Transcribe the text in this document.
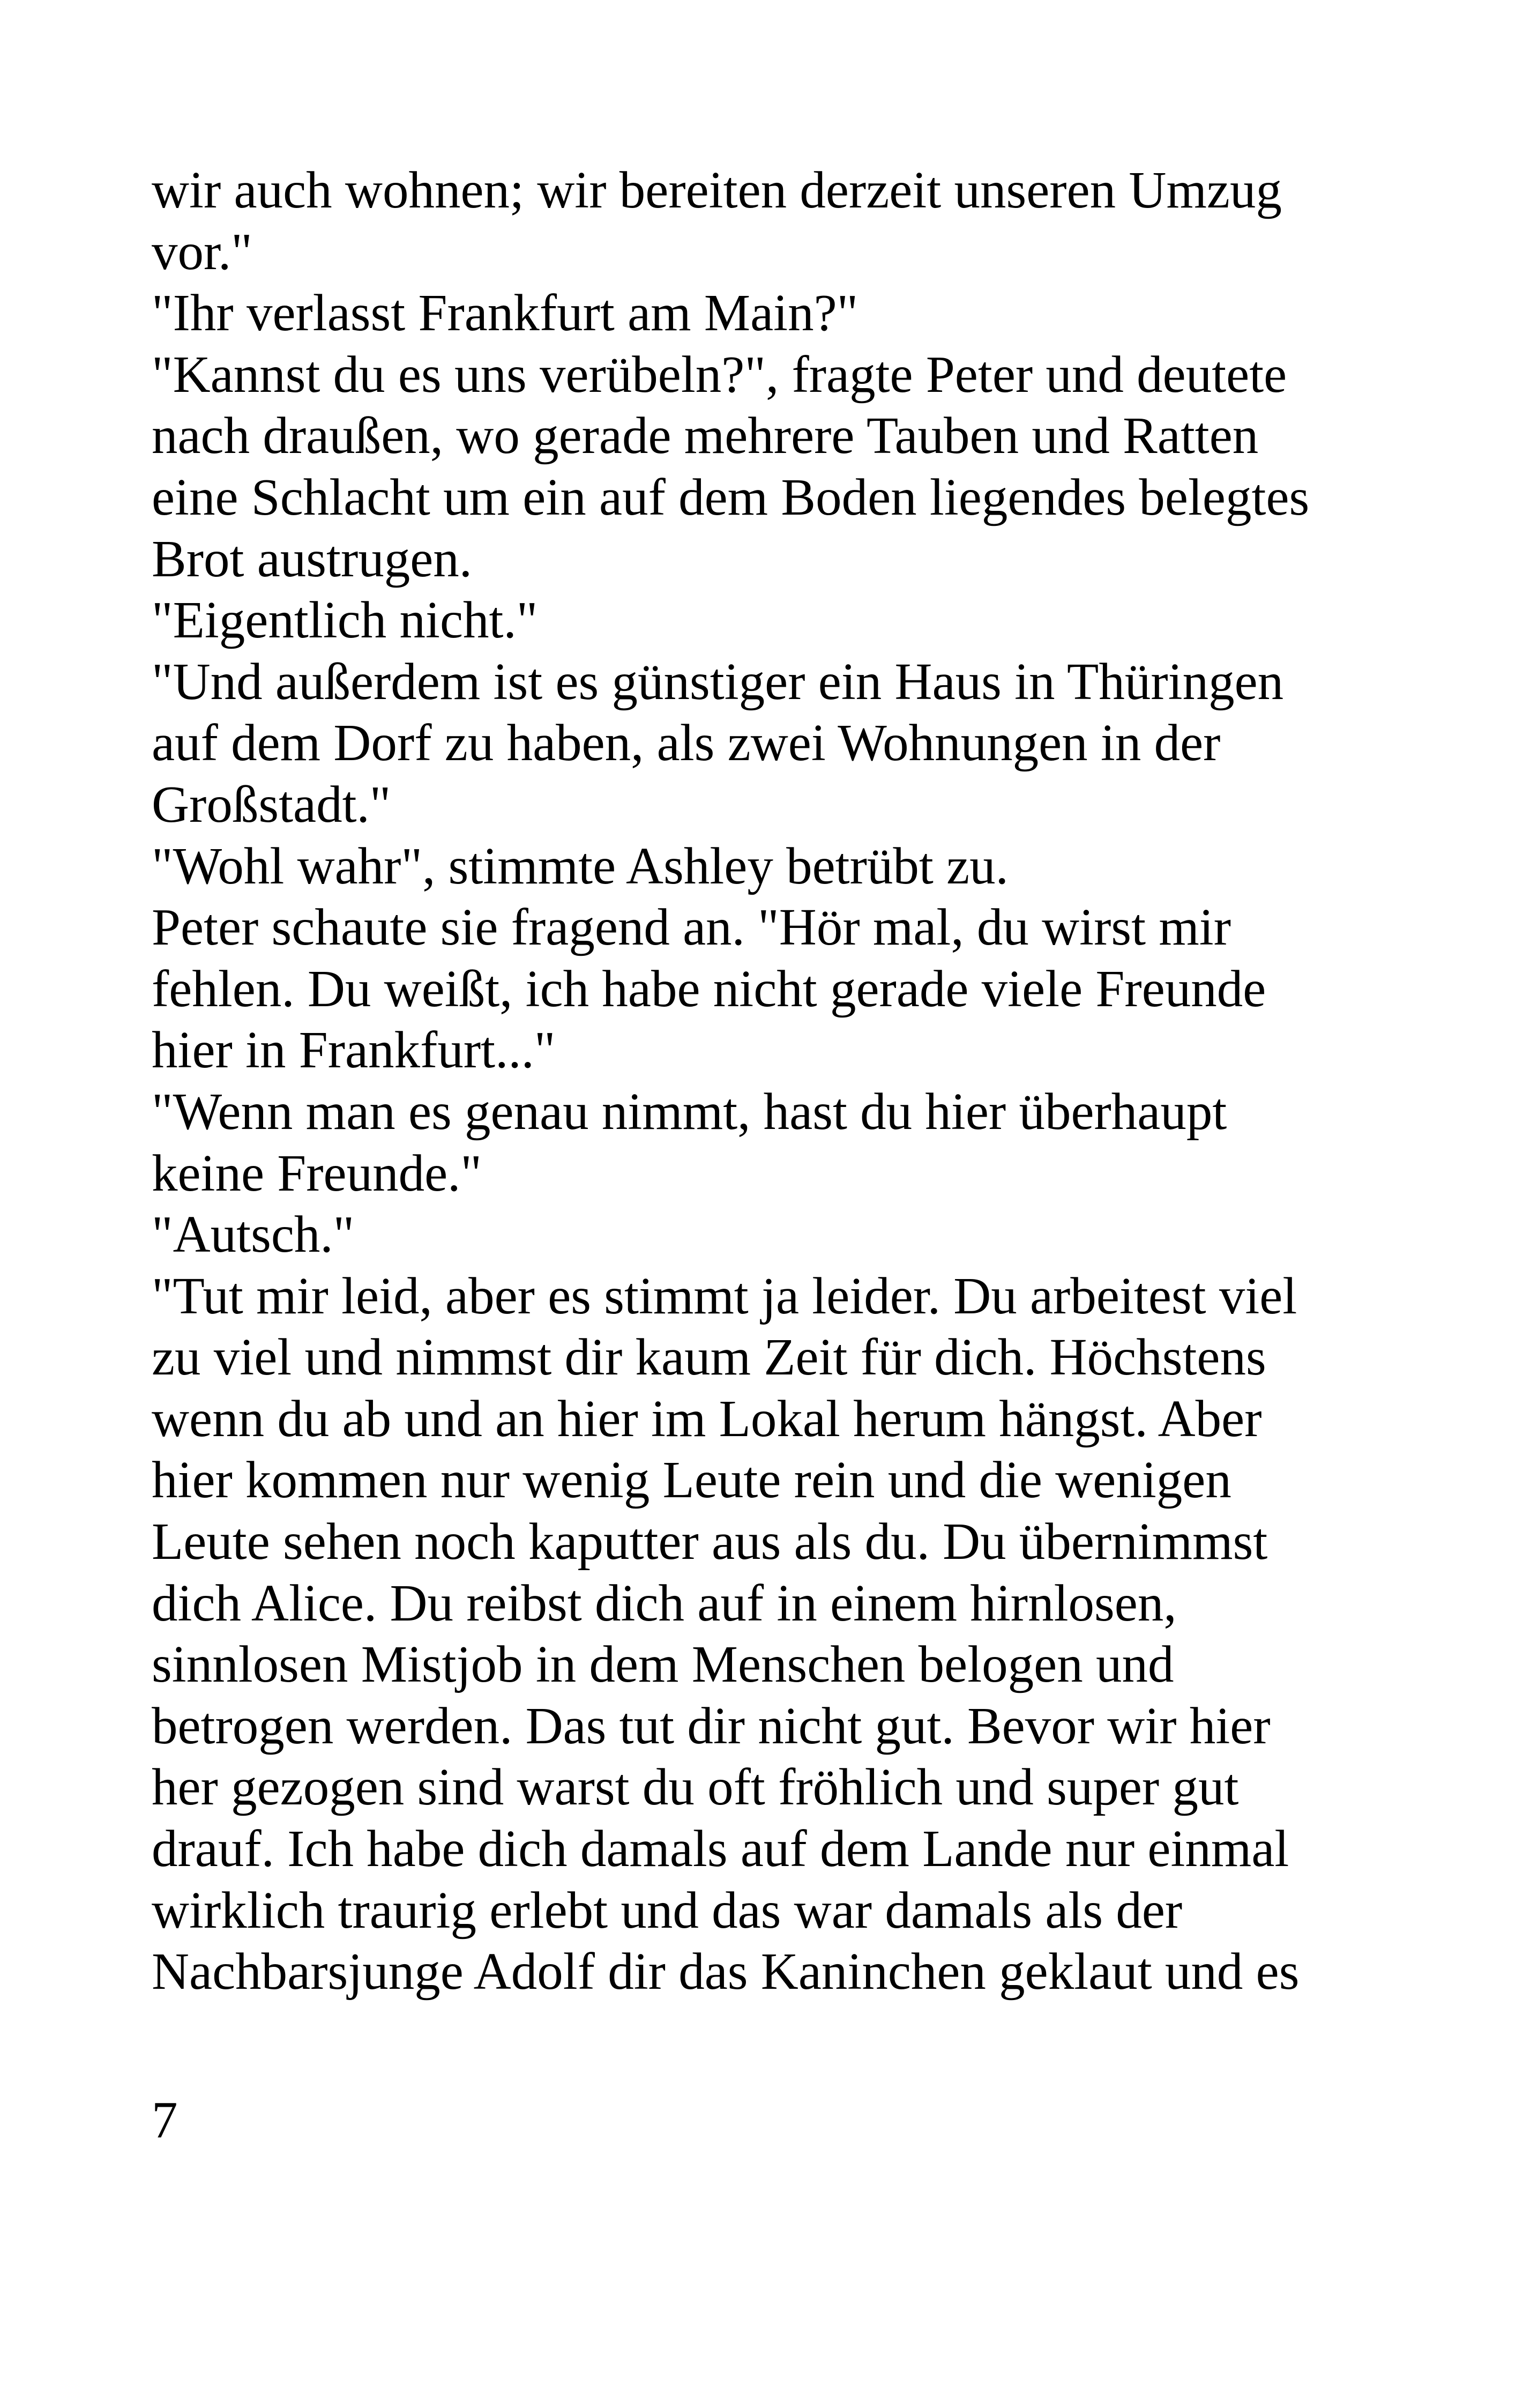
wir auch wohnen; wir bereiten derzeit unseren Umzug
vor."
"Ihr verlasst Frankfurt am Main?"
"Kannst du es uns verübeln?", fragte Peter und deutete
nach draußen, wo gerade mehrere Tauben und Ratten
eine Schlacht um ein auf dem Boden liegendes belegtes
Brot austrugen.
"Eigentlich nicht."
"Und außerdem ist es günstiger ein Haus in Thüringen
auf dem Dorf zu haben, als zwei Wohnungen in der
Großstadt."
"Wohl wahr", stimmte Ashley betrübt zu.
Peter schaute sie fragend an. "Hör mal, du wirst mir
fehlen. Du weißt, ich habe nicht gerade viele Freunde
hier in Frankfurt..."
"Wenn man es genau nimmt, hast du hier überhaupt
keine Freunde."
"Autsch."
"Tut mir leid, aber es stimmt ja leider. Du arbeitest viel
zu viel und nimmst dir kaum Zeit für dich. Höchstens
wenn du ab und an hier im Lokal herum hängst. Aber
hier kommen nur wenig Leute rein und die wenigen
Leute sehen noch kaputter aus als du. Du übernimmst
dich Alice. Du reibst dich auf in einem hirnlosen,
sinnlosen Mistjob in dem Menschen belogen und
betrogen werden. Das tut dir nicht gut. Bevor wir hier
her gezogen sind warst du oft fröhlich und super gut
drauf. Ich habe dich damals auf dem Lande nur einmal
wirklich traurig erlebt und das war damals als der
Nachbarsjunge Adolf dir das Kaninchen geklaut und es
7
